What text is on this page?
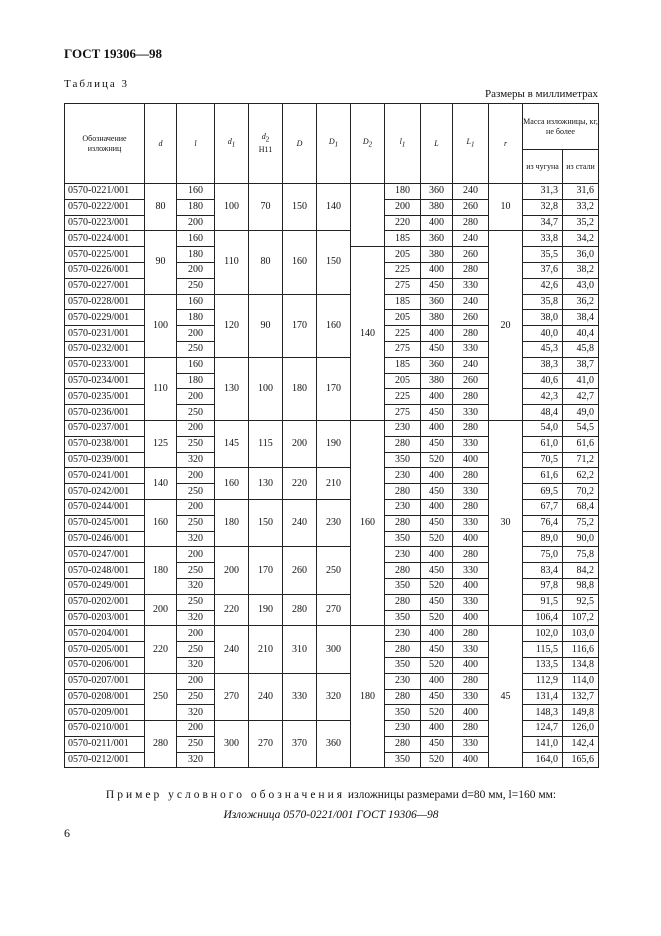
ГОСТ 19306—98
Таблица 3
Размеры в миллиметрах
Обозначение изложниц	d	l	$d_1$	$d_2$
H11	D	$D_1$	$D_2$	$l_1$	L	$L_1$	r	Масса изложницы, кг, не более	
												из чугуна	из стали
0570-0221/001	80	160	100	70	150	140		180	360	240	10	31,3	31,6
0570-0222/001		180						200	380	260		32,8	33,2
0570-0223/001		200						220	400	280		34,7	35,2
0570-0224/001	90	160	110	80	160	150		185	360	240	20	33,8	34,2
0570-0225/001		180					140	205	380	260		35,5	36,0
0570-0226/001		200						225	400	280		37,6	38,2
0570-0227/001		250						275	450	330		42,6	43,0
0570-0228/001	100	160	120	90	170	160		185	360	240		35,8	36,2
0570-0229/001		180						205	380	260		38,0	38,4
0570-0231/001		200						225	400	280		40,0	40,4
0570-0232/001		250						275	450	330		45,3	45,8
0570-0233/001	110	160	130	100	180	170		185	360	240		38,3	38,7
0570-0234/001		180						205	380	260		40,6	41,0
0570-0235/001		200						225	400	280		42,3	42,7
0570-0236/001		250						275	450	330		48,4	49,0
0570-0237/001	125	200	145	115	200	190	160	230	400	280	30	54,0	54,5
0570-0238/001		250						280	450	330		61,0	61,6
0570-0239/001		320						350	520	400		70,5	71,2
0570-0241/001	140	200	160	130	220	210		230	400	280		61,6	62,2
0570-0242/001		250						280	450	330		69,5	70,2
0570-0244/001	160	200	180	150	240	230		230	400	280		67,7	68,4
0570-0245/001		250						280	450	330		76,4	75,2
0570-0246/001		320						350	520	400		89,0	90,0
0570-0247/001	180	200	200	170	260	250		230	400	280		75,0	75,8
0570-0248/001		250						280	450	330		83,4	84,2
0570-0249/001		320						350	520	400		97,8	98,8
0570-0202/001	200	250	220	190	280	270		280	450	330		91,5	92,5
0570-0203/001		320						350	520	400		106,4	107,2
0570-0204/001	220	200	240	210	310	300	180	230	400	280	45	102,0	103,0
0570-0205/001		250						280	450	330		115,5	116,6
0570-0206/001		320						350	520	400		133,5	134,8
0570-0207/001	250	200	270	240	330	320		230	400	280		112,9	114,0
0570-0208/001		250						280	450	330		131,4	132,7
0570-0209/001		320						350	520	400		148,3	149,8
0570-0210/001	280	200	300	270	370	360		230	400	280		124,7	126,0
0570-0211/001		250						280	450	330		141,0	142,4
0570-0212/001		320						350	520	400		164,0	165,6
Пример условного обозначения изложницы размерами d=80 мм, l=160 мм:
Изложница 0570-0221/001 ГОСТ 19306—98
6
